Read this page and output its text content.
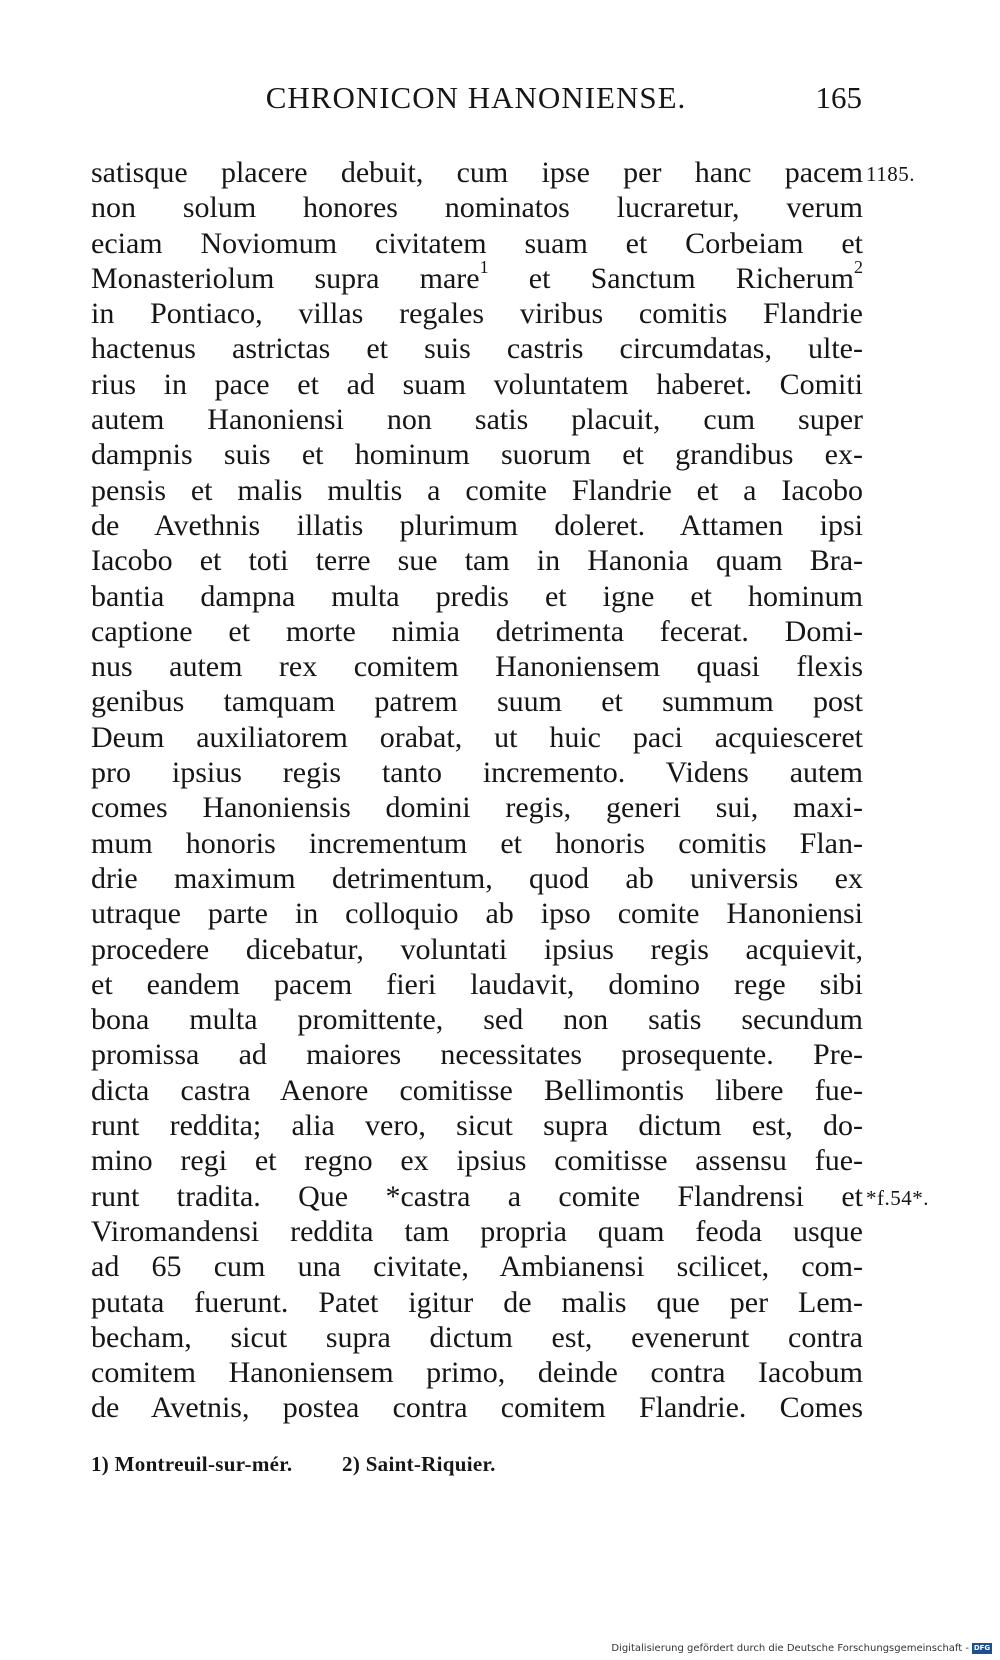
CHRONICON HANONIENSE.	165
1185.
*f.54*.
satisque placere debuit, cum ipse per hanc pacem
non solum honores nominatos lucraretur, verum
eciam Noviomum civitatem suam et Corbeiam et
Monasteriolum supra mare$^1$ et Sanctum Richerum$^2$
in Pontiaco, villas regales viribus comitis Flandrie
hactenus astrictas et suis castris circumdatas, ulte-
rius in pace et ad suam voluntatem haberet. Comiti
autem Hanoniensi non satis placuit, cum super
dampnis suis et hominum suorum et grandibus ex-
pensis et malis multis a comite Flandrie et a Iacobo
de Avethnis illatis plurimum doleret. Attamen ipsi
Iacobo et toti terre sue tam in Hanonia quam Bra-
bantia dampna multa predis et igne et hominum
captione et morte nimia detrimenta fecerat. Domi-
nus autem rex comitem Hanoniensem quasi flexis
genibus tamquam patrem suum et summum post
Deum auxiliatorem orabat, ut huic paci acquiesceret
pro ipsius regis tanto incremento. Videns autem
comes Hanoniensis domini regis, generi sui, maxi-
mum honoris incrementum et honoris comitis Flan-
drie maximum detrimentum, quod ab universis ex
utraque parte in colloquio ab ipso comite Hanoniensi
procedere dicebatur, voluntati ipsius regis acquievit,
et eandem pacem fieri laudavit, domino rege sibi
bona multa promittente, sed non satis secundum
promissa ad maiores necessitates prosequente. Pre-
dicta castra Aenore comitisse Bellimontis libere fue-
runt reddita; alia vero, sicut supra dictum est, do-
mino regi et regno ex ipsius comitisse assensu fue-
runt tradita. Que *castra a comite Flandrensi et
Viromandensi reddita tam propria quam feoda usque
ad 65 cum una civitate, Ambianensi scilicet, com-
putata fuerunt. Patet igitur de malis que per Lem-
becham, sicut supra dictum est, evenerunt contra
comitem Hanoniensem primo, deinde contra Iacobum
de Avetnis, postea contra comitem Flandrie. Comes
1) Montreuil-sur-mér. 2) Saint-Riquier.
Digitalisierung gefördert durch die Deutsche Forschungsgemeinschaft - DFG
